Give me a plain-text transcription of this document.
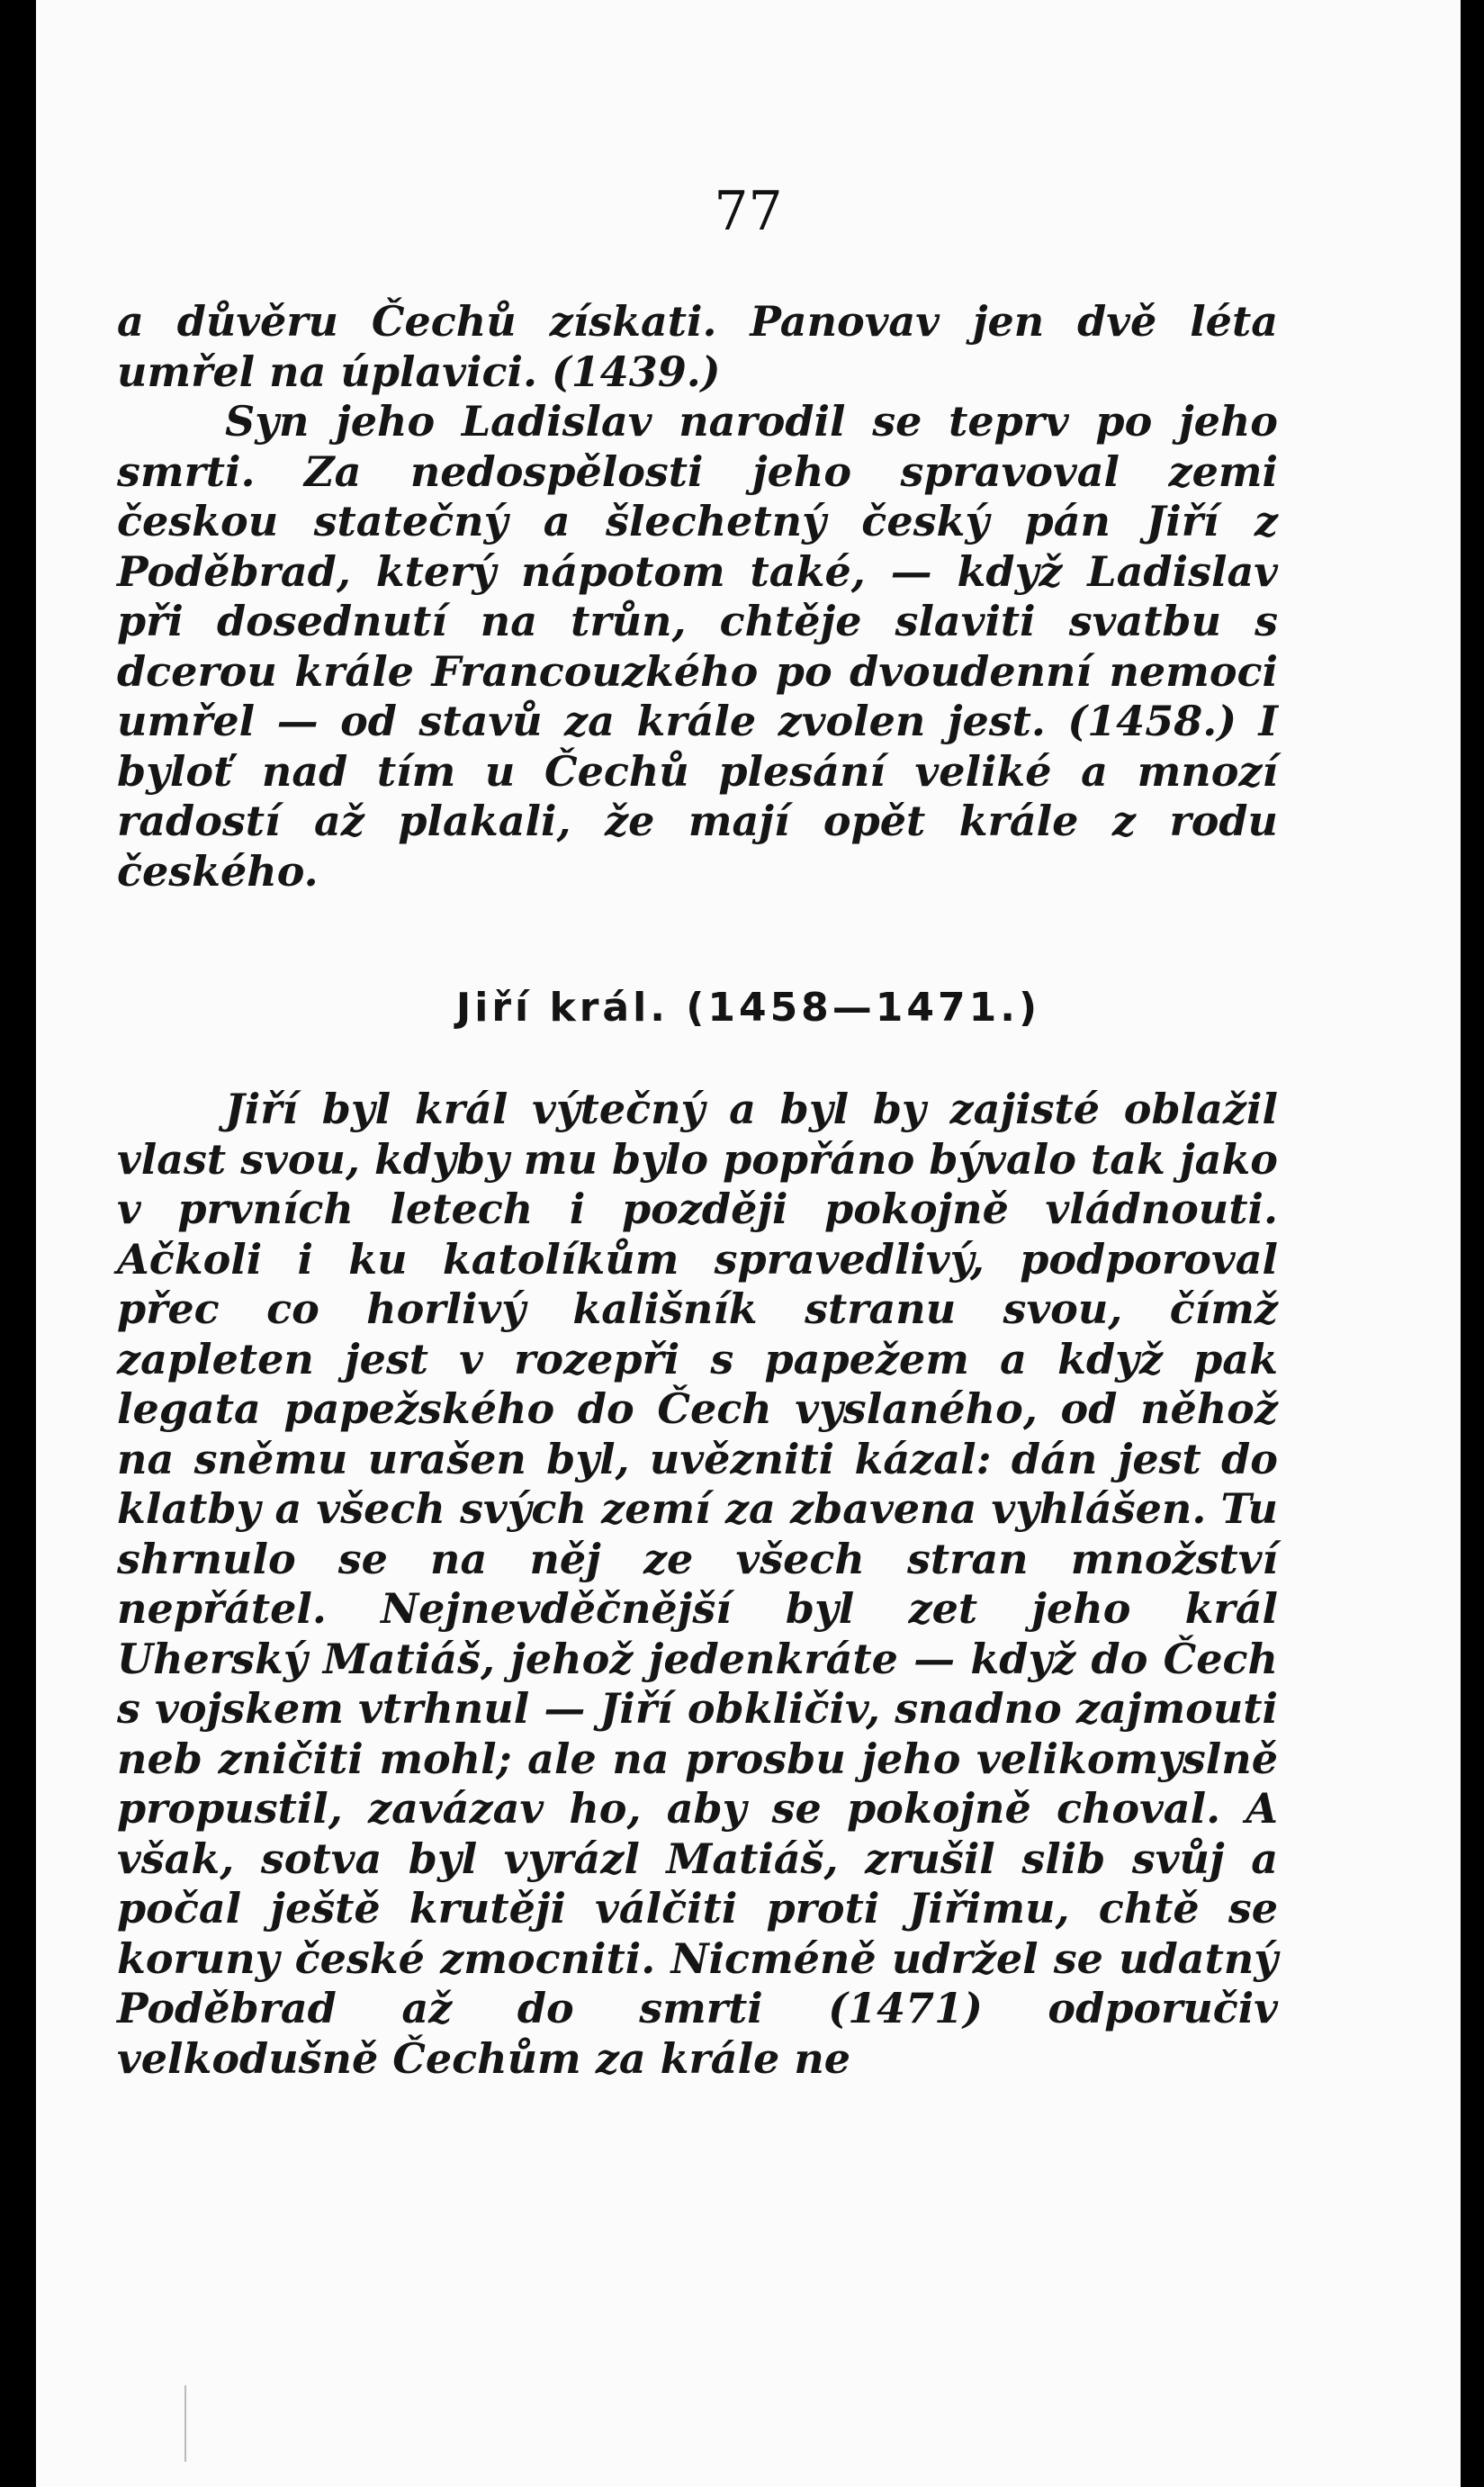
77

a důvěru Čechů získati. Panovav jen dvě léta umřel na úplavici. (1439.)

Syn jeho Ladislav narodil se teprv po jeho smrti. Za nedospělosti jeho spravoval zemi českou statečný a šlechetný český pán Jiří z Poděbrad, který nápotom také, — když Ladislav při dosednutí na trůn, chtěje slaviti svatbu s dcerou krále Francouzkého po dvoudenní nemoci umřel — od stavů za krále zvolen jest. (1458.) I byloť nad tím u Čechů plesání veliké a mnozí radostí až plakali, že mají opět krále z rodu českého.

Jiří král. (1458—1471.)

Jiří byl král výtečný a byl by zajisté oblažil vlast svou, kdyby mu bylo popřáno bývalo tak jako v prvních letech i později pokojně vládnouti. Ačkoli i ku katolíkům spravedlivý, podporoval přec co horlivý kališník stranu svou, čímž zapleten jest v rozepři s papežem a když pak legata papežského do Čech vyslaného, od něhož na sněmu urašen byl, uvězniti kázal: dán jest do klatby a všech svých zemí za zbavena vyhlášen. Tu shrnulo se na něj ze všech stran množství nepřátel. Nejnevděčnější byl zet jeho král Uherský Matiáš, jehož jedenkráte — když do Čech s vojskem vtrhnul — Jiří obkličiv, snadno zajmouti neb zničiti mohl; ale na prosbu jeho velikomyslně propustil, zavázav ho, aby se pokojně choval. A však, sotva byl vyrázl Matiáš, zrušil slib svůj a počal ještě krutěji válčiti proti Jiřimu, chtě se koruny české zmocniti. Nicméně udržel se udatný Poděbrad až do smrti (1471) odporučiv velkodušně Čechům za krále ne
